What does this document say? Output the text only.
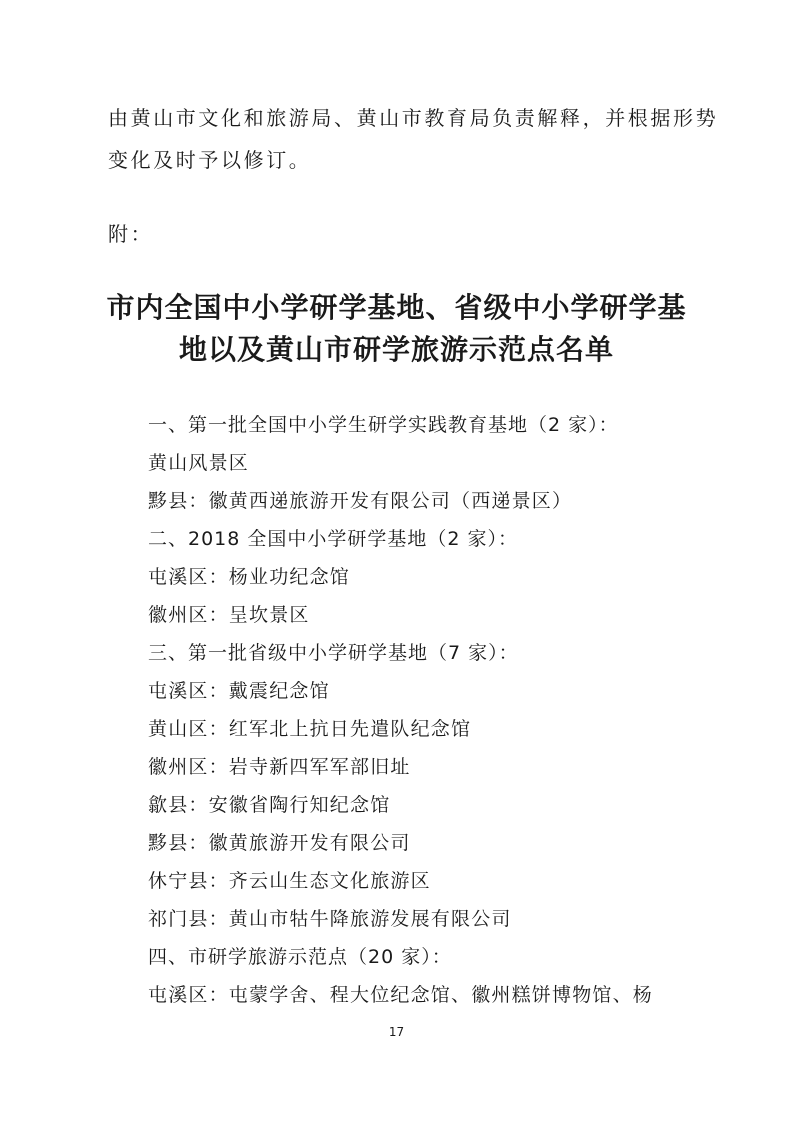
由黄山市文化和旅游局、黄山市教育局负责解释，并根据形势
变化及时予以修订。
附：
市内全国中小学研学基地、省级中小学研学基
地以及黄山市研学旅游示范点名单
一、第一批全国中小学生研学实践教育基地（2 家）：
黄山风景区
黟县：徽黄西递旅游开发有限公司（西递景区）
二、2018 全国中小学研学基地（2 家）：
屯溪区：杨业功纪念馆
徽州区：呈坎景区
三、第一批省级中小学研学基地（7 家）：
屯溪区：戴震纪念馆
黄山区：红军北上抗日先遣队纪念馆
徽州区：岩寺新四军军部旧址
歙县：安徽省陶行知纪念馆
黟县：徽黄旅游开发有限公司
休宁县：齐云山生态文化旅游区
祁门县：黄山市牯牛降旅游发展有限公司
四、市研学旅游示范点（20 家）：
屯溪区：屯蒙学舍、程大位纪念馆、徽州糕饼博物馆、杨
17
